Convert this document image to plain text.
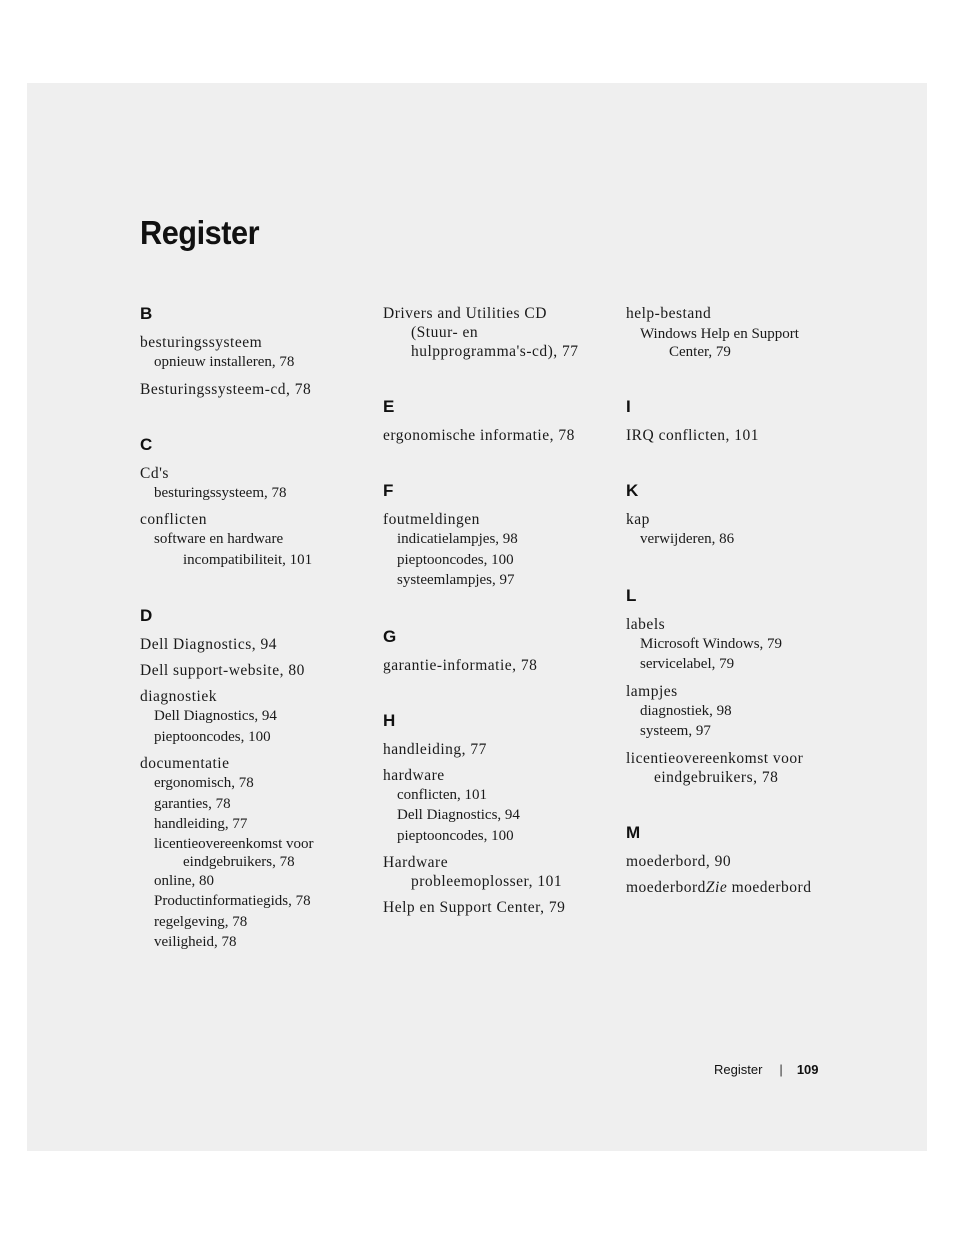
Register
B
besturingssysteem
opnieuw installeren, 78
Besturingssysteem-cd, 78
C
Cd's
besturingssysteem, 78
conflicten
software en hardware
incompatibiliteit, 101
D
Dell Diagnostics, 94
Dell support-website, 80
diagnostiek
Dell Diagnostics, 94
pieptooncodes, 100
documentatie
ergonomisch, 78
garanties, 78
handleiding, 77
licentieovereenkomst voor
eindgebruikers, 78
online, 80
Productinformatiegids, 78
regelgeving, 78
veiligheid, 78
Drivers and Utilities CD
(Stuur- en
hulpprogramma's-cd), 77
E
ergonomische informatie, 78
F
foutmeldingen
indicatielampjes, 98
pieptooncodes, 100
systeemlampjes, 97
G
garantie-informatie, 78
H
handleiding, 77
hardware
conflicten, 101
Dell Diagnostics, 94
pieptooncodes, 100
Hardware
probleemoplosser, 101
Help en Support Center, 79
help-bestand
Windows Help en Support
Center, 79
I
IRQ conflicten, 101
K
kap
verwijderen, 86
L
labels
Microsoft Windows, 79
servicelabel, 79
lampjes
diagnostiek, 98
systeem, 97
licentieovereenkomst voor
eindgebruikers, 78
M
moederbord, 90
moederbordZie moederbord
Register | 109
